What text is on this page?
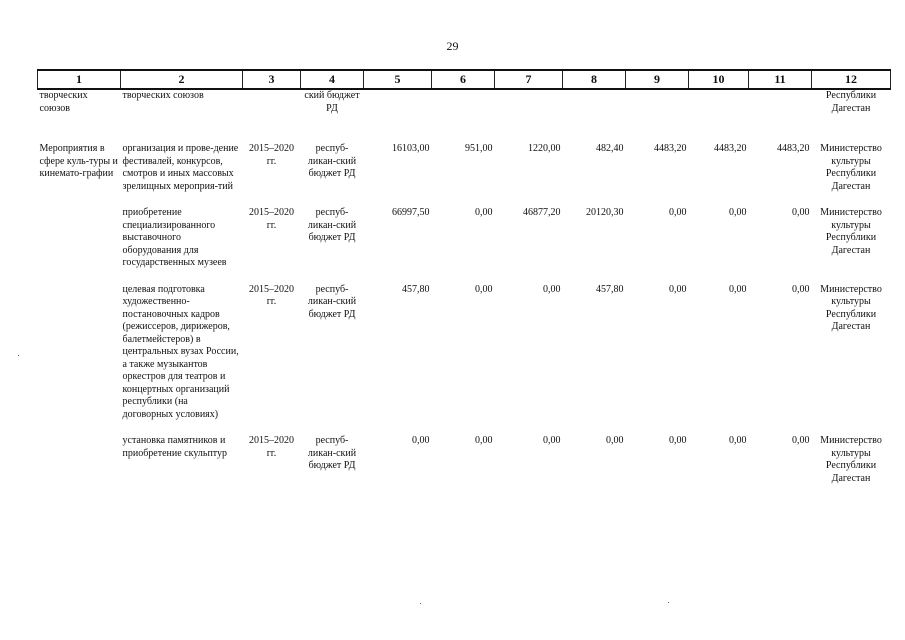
29
1	2	3	4	5	6	7	8	9	10	11	12
творческих союзов	творческих союзов		ский бюджет РД								Республики Дагестан
Мероприятия в сфере куль-туры и кинемато-графии	организация и прове-дение фестивалей, конкурсов, смотров и иных массовых зрелищных мероприя-тий	2015–2020 гг.	респуб-ликан-ский бюджет РД	16103,00	951,00	1220,00	482,40	4483,20	4483,20	4483,20	Министерство культуры Республики Дагестан
	приобретение специализированного выставочного оборудования для государственных музеев	2015–2020 гг.	респуб-ликан-ский бюджет РД	66997,50	0,00	46877,20	20120,30	0,00	0,00	0,00	Министерство культуры Республики Дагестан
	целевая подготовка художественно-постановочных кадров (режиссеров, дирижеров, балетмейстеров) в центральных вузах России, а также музыкантов оркестров для театров и концертных организаций республики (на договорных условиях)	2015–2020 гг.	респуб-ликан-ский бюджет РД	457,80	0,00	0,00	457,80	0,00	0,00	0,00	Министерство культуры Республики Дагестан
	установка памятников и приобретение скульптур	2015–2020 гг.	респуб-ликан-ский бюджет РД	0,00	0,00	0,00	0,00	0,00	0,00	0,00	Министерство культуры Республики Дагестан
